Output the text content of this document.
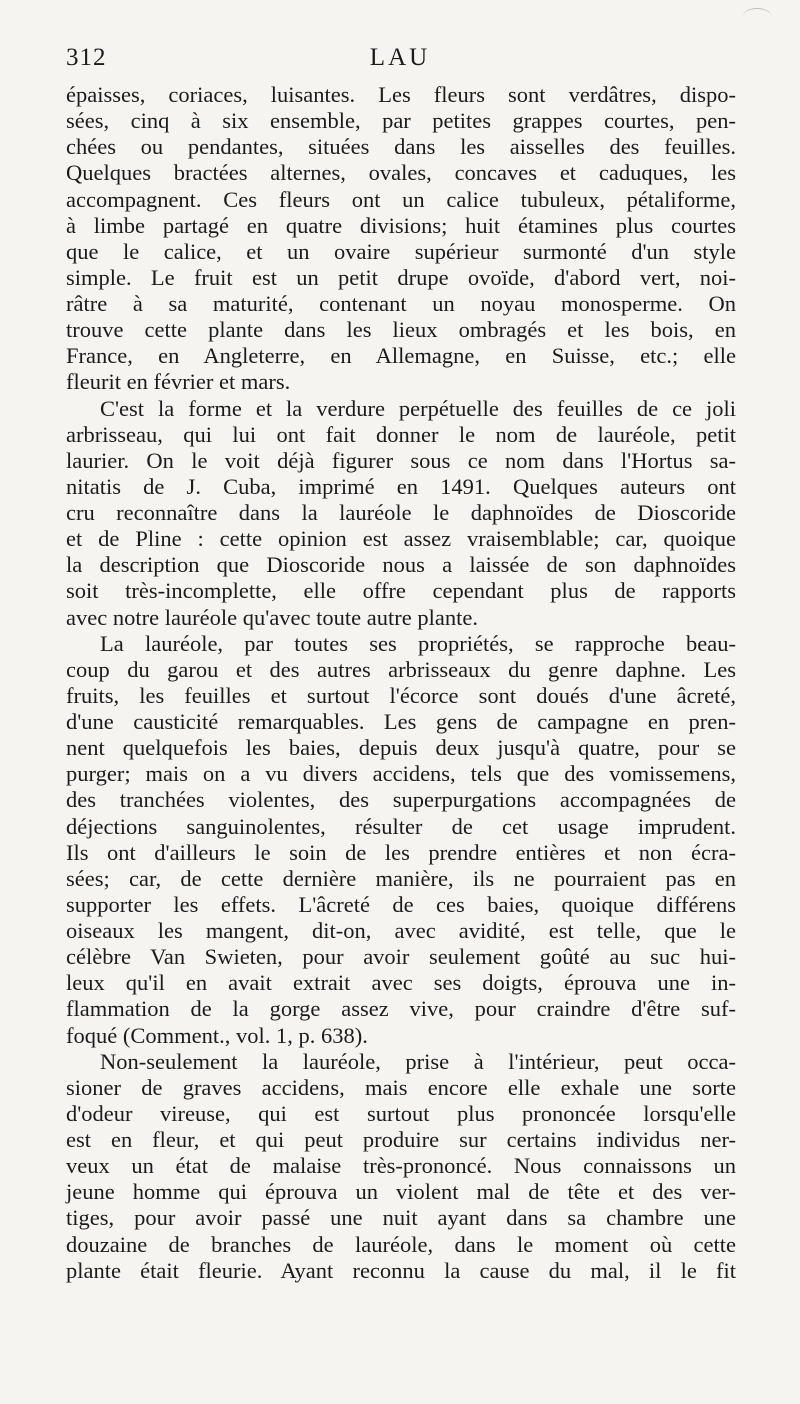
312	LAU
épaisses, coriaces, luisantes. Les fleurs sont verdâtres, dispo-
sées, cinq à six ensemble, par petites grappes courtes, pen-
chées ou pendantes, situées dans les aisselles des feuilles.
Quelques bractées alternes, ovales, concaves et caduques, les
accompagnent. Ces fleurs ont un calice tubuleux, pétaliforme,
à limbe partagé en quatre divisions; huit étamines plus courtes
que le calice, et un ovaire supérieur surmonté d'un style
simple. Le fruit est un petit drupe ovoïde, d'abord vert, noi-
râtre à sa maturité, contenant un noyau monosperme. On
trouve cette plante dans les lieux ombragés et les bois, en
France, en Angleterre, en Allemagne, en Suisse, etc.; elle
fleurit en février et mars.
C'est la forme et la verdure perpétuelle des feuilles de ce joli
arbrisseau, qui lui ont fait donner le nom de lauréole, petit
laurier. On le voit déjà figurer sous ce nom dans l'Hortus sa-
nitatis de J. Cuba, imprimé en 1491. Quelques auteurs ont
cru reconnaître dans la lauréole le daphnoïdes de Dioscoride
et de Pline : cette opinion est assez vraisemblable; car, quoique
la description que Dioscoride nous a laissée de son daphnoïdes
soit très-incomplette, elle offre cependant plus de rapports
avec notre lauréole qu'avec toute autre plante.
La lauréole, par toutes ses propriétés, se rapproche beau-
coup du garou et des autres arbrisseaux du genre daphne. Les
fruits, les feuilles et surtout l'écorce sont doués d'une âcreté,
d'une causticité remarquables. Les gens de campagne en pren-
nent quelquefois les baies, depuis deux jusqu'à quatre, pour se
purger; mais on a vu divers accidens, tels que des vomissemens,
des tranchées violentes, des superpurgations accompagnées de
déjections sanguinolentes, résulter de cet usage imprudent.
Ils ont d'ailleurs le soin de les prendre entières et non écra-
sées; car, de cette dernière manière, ils ne pourraient pas en
supporter les effets. L'âcreté de ces baies, quoique différens
oiseaux les mangent, dit-on, avec avidité, est telle, que le
célèbre Van Swieten, pour avoir seulement goûté au suc hui-
leux qu'il en avait extrait avec ses doigts, éprouva une in-
flammation de la gorge assez vive, pour craindre d'être suf-
foqué (Comment., vol. 1, p. 638).
Non-seulement la lauréole, prise à l'intérieur, peut occa-
sioner de graves accidens, mais encore elle exhale une sorte
d'odeur vireuse, qui est surtout plus prononcée lorsqu'elle
est en fleur, et qui peut produire sur certains individus ner-
veux un état de malaise très-prononcé. Nous connaissons un
jeune homme qui éprouva un violent mal de tête et des ver-
tiges, pour avoir passé une nuit ayant dans sa chambre une
douzaine de branches de lauréole, dans le moment où cette
plante était fleurie. Ayant reconnu la cause du mal, il le fit
